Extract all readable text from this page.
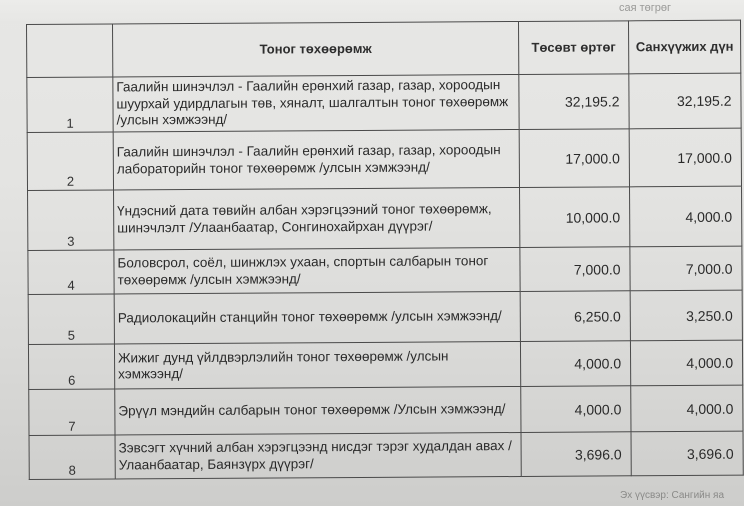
сая төгрөг
	Тоног төхөөрөмж	Төсөвт өртөг	Санхүүжих дүн
1	Гаалийн шинэчлэл - Гаалийн ерөнхий газар, газар, хороодын шуурхай удирдлагын төв, хяналт, шалгалтын тоног төхөөрөмж /улсын хэмжээнд/	32,195.2	32,195.2
2	Гаалийн шинэчлэл - Гаалийн ерөнхий газар, газар, хороодын лабораторийн тоног төхөөрөмж /улсын хэмжээнд/	17,000.0	17,000.0
3	Үндэсний дата төвийн албан хэрэгцээний тоног төхөөрөмж, шинэчлэлт /Улаанбаатар, Сонгинохайрхан дүүрэг/	10,000.0	4,000.0
4	Боловсрол, соёл, шинжлэх ухаан, спортын салбарын тоног төхөөрөмж /улсын хэмжээнд/	7,000.0	7,000.0
5	Радиолокацийн станцийн тоног төхөөрөмж /улсын хэмжээнд/	6,250.0	3,250.0
6	Жижиг дунд үйлдвэрлэлийн тоног төхөөрөмж /улсын хэмжээнд/	4,000.0	4,000.0
7	Эрүүл мэндийн салбарын тоног төхөөрөмж /Улсын хэмжээнд/	4,000.0	4,000.0
8	Зэвсэгт хүчний албан хэрэгцээнд нисдэг тэрэг худалдан авах /Улаанбаатар, Баянзүрх дүүрэг/	3,696.0	3,696.0
Эх үүсвэр: Сангийн яа
